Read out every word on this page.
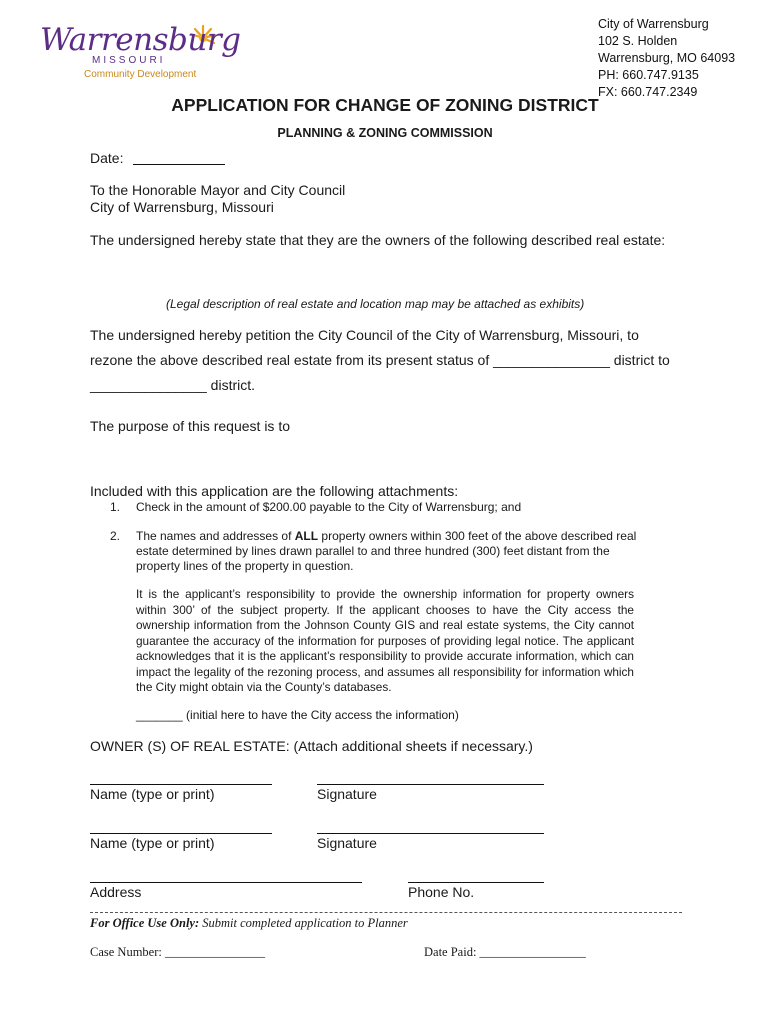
Warrensburg
MISSOURI
Community Development
City of Warrensburg
102 S. Holden
Warrensburg, MO 64093
PH: 660.747.9135
FX: 660.747.2349
APPLICATION FOR CHANGE OF ZONING DISTRICT
PLANNING & ZONING COMMISSION
Date:
To the Honorable Mayor and City Council
City of Warrensburg, Missouri
The undersigned hereby state that they are the owners of the following described real estate:
(Legal description of real estate and location map may be attached as exhibits)
The undersigned hereby petition the City Council of the City of Warrensburg, Missouri, to
rezone the above described real estate from its present status of _______________ district to
_______________ district.
The purpose of this request is to
Included with this application are the following attachments:
1. Check in the amount of $200.00 payable to the City of Warrensburg; and
2. The names and addresses of ALL property owners within 300 feet of the above described real
estate determined by lines drawn parallel to and three hundred (300) feet distant from the
property lines of the property in question.
It is the applicant’s responsibility to provide the ownership information for property owners within 300’ of the subject property. If the applicant chooses to have the City access the ownership information from the Johnson County GIS and real estate systems, the City cannot guarantee the accuracy of the information for purposes of providing legal notice. The applicant acknowledges that it is the applicant’s responsibility to provide accurate information, which can impact the legality of the rezoning process, and assumes all responsibility for information which the City might obtain via the County’s databases.
_______ (initial here to have the City access the information)
OWNER (S) OF REAL ESTATE: (Attach additional sheets if necessary.)
Name (type or print)	Signature
Name (type or print)	Signature
Address	Phone No.
For Office Use Only: Submit completed application to Planner
Case Number: ________________	Date Paid: _________________
